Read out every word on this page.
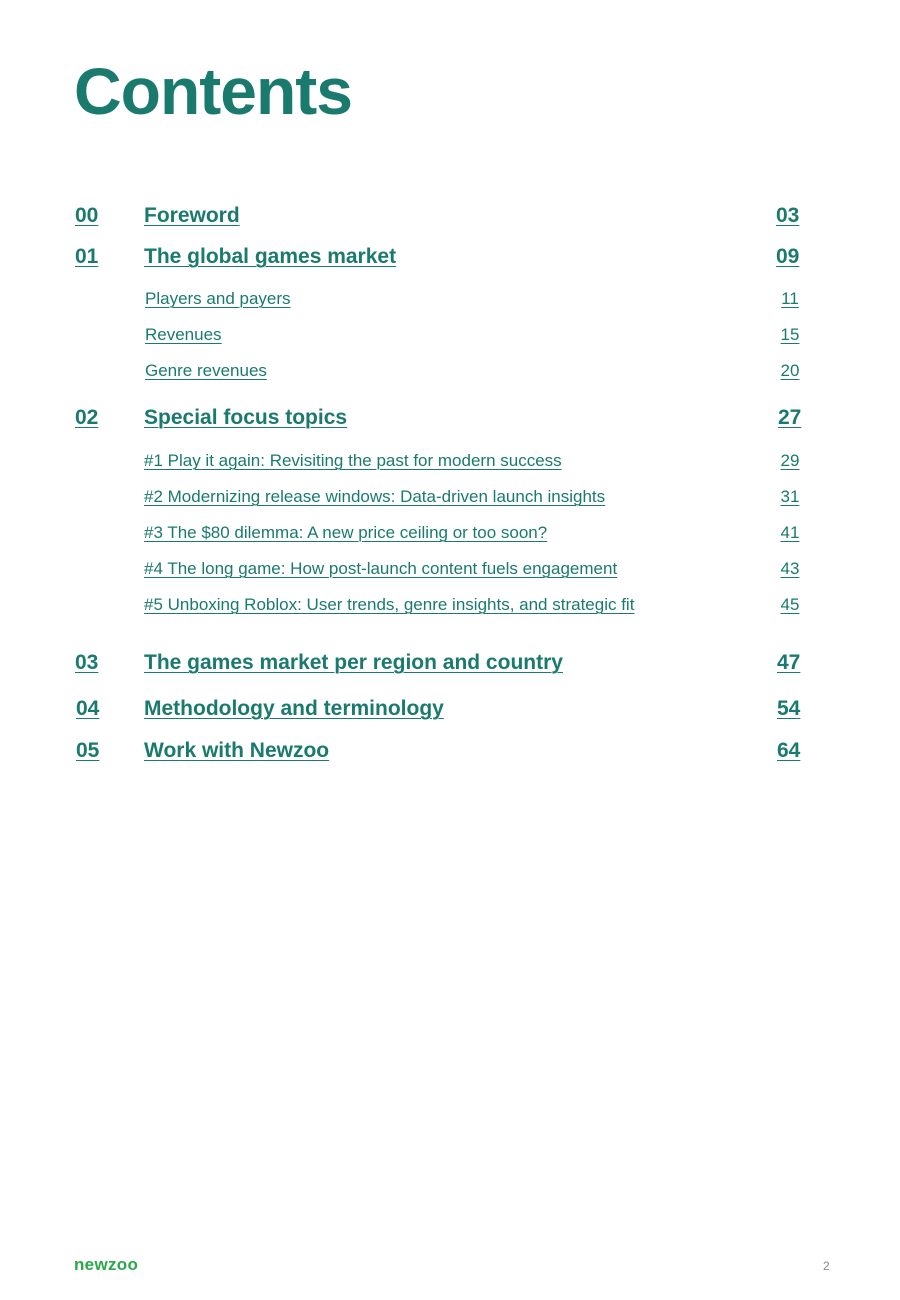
Contents
00 Foreword	03
01 The global games market	09
Players and payers	11
Revenues	15
Genre revenues	20
02 Special focus topics	27
#1 Play it again: Revisiting the past for modern success	29
#2 Modernizing release windows: Data-driven launch insights	31
#3 The $80 dilemma: A new price ceiling or too soon?	41
#4 The long game: How post-launch content fuels engagement	43
#5 Unboxing Roblox: User trends, genre insights, and strategic fit	45
03 The games market per region and country	47
04 Methodology and terminology	54
05 Work with Newzoo	64
newzoo	2
